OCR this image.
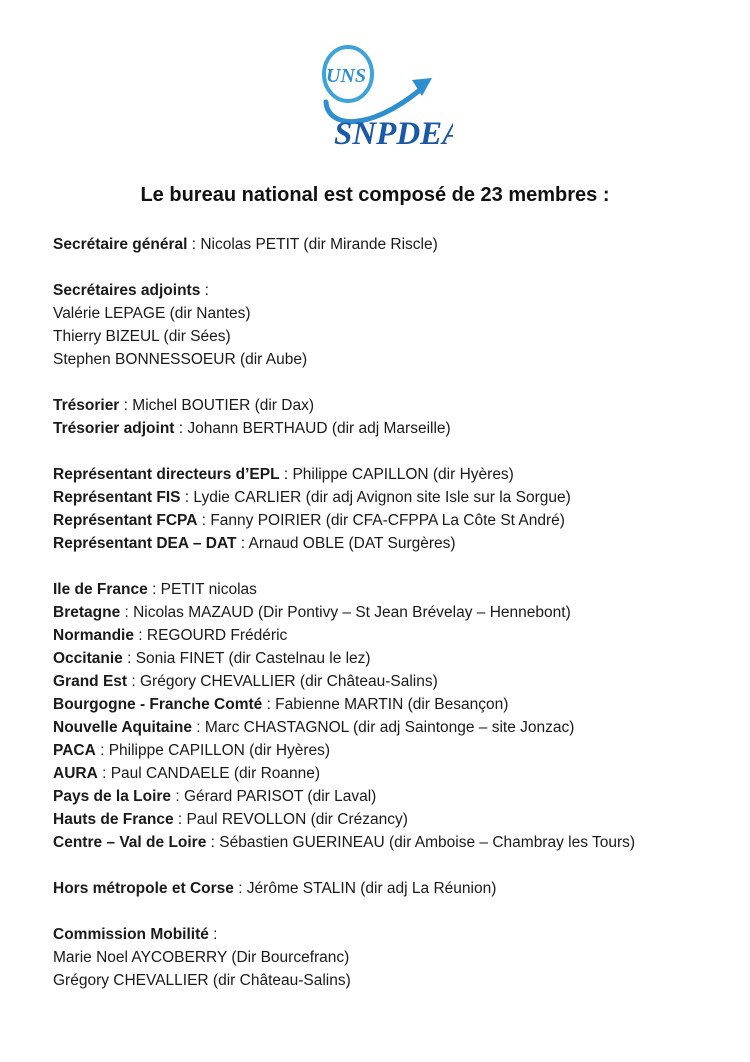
UNS
SNPDEA
Le bureau national est composé de 23 membres :
Secrétaire général : Nicolas PETIT (dir Mirande Riscle)
Secrétaires adjoints :
Valérie LEPAGE (dir Nantes)
Thierry BIZEUL (dir Sées)
Stephen BONNESSOEUR (dir Aube)
Trésorier : Michel BOUTIER (dir Dax)
Trésorier adjoint : Johann BERTHAUD (dir adj Marseille)
Représentant directeurs d’EPL : Philippe CAPILLON (dir Hyères)
Représentant FIS : Lydie CARLIER (dir adj Avignon site Isle sur la Sorgue)
Représentant FCPA : Fanny POIRIER (dir CFA-CFPPA La Côte St André)
Représentant DEA – DAT : Arnaud OBLE (DAT Surgères)
Ile de France : PETIT nicolas
Bretagne : Nicolas MAZAUD (Dir Pontivy – St Jean Brévelay – Hennebont)
Normandie : REGOURD Frédéric
Occitanie : Sonia FINET (dir Castelnau le lez)
Grand Est : Grégory CHEVALLIER (dir Château-Salins)
Bourgogne - Franche Comté : Fabienne MARTIN (dir Besançon)
Nouvelle Aquitaine : Marc CHASTAGNOL (dir adj Saintonge – site Jonzac)
PACA : Philippe CAPILLON (dir Hyères)
AURA : Paul CANDAELE (dir Roanne)
Pays de la Loire : Gérard PARISOT (dir Laval)
Hauts de France : Paul REVOLLON (dir Crézancy)
Centre – Val de Loire : Sébastien GUERINEAU (dir Amboise – Chambray les Tours)
Hors métropole et Corse : Jérôme STALIN (dir adj La Réunion)
Commission Mobilité :
Marie Noel AYCOBERRY (Dir Bourcefranc)
Grégory CHEVALLIER (dir Château-Salins)
